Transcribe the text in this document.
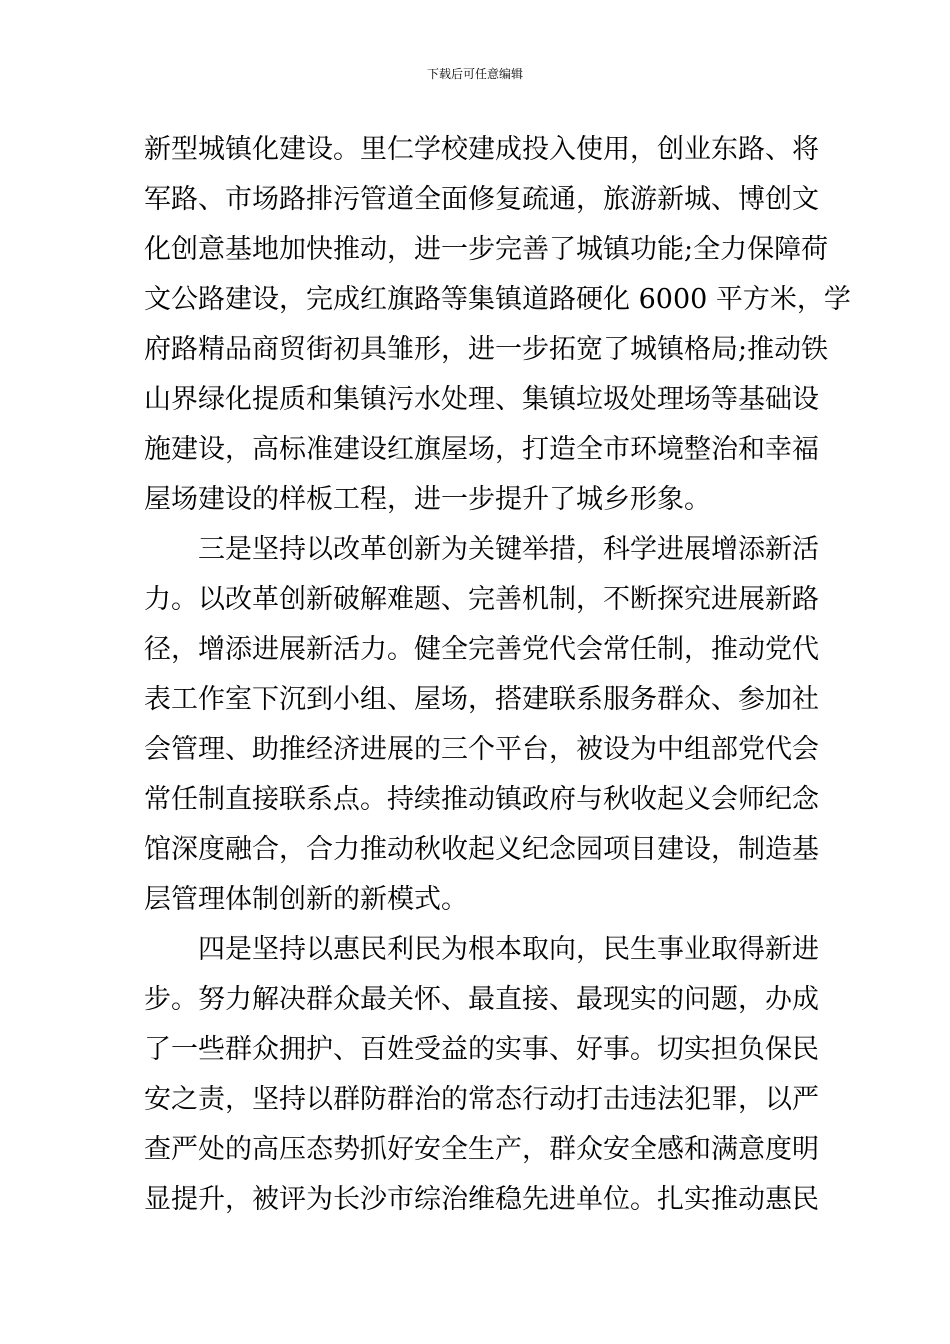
下载后可任意编辑
新型城镇化建设。里仁学校建成投入使用，创业东路、将
军路、市场路排污管道全面修复疏通，旅游新城、博创文
化创意基地加快推动，进一步完善了城镇功能;全力保障荷
文公路建设，完成红旗路等集镇道路硬化 6000 平方米，学
府路精品商贸街初具雏形，进一步拓宽了城镇格局;推动铁
山界绿化提质和集镇污水处理、集镇垃圾处理场等基础设
施建设，高标准建设红旗屋场，打造全市环境整治和幸福
屋场建设的样板工程，进一步提升了城乡形象。
三是坚持以改革创新为关键举措，科学进展增添新活
力。以改革创新破解难题、完善机制，不断探究进展新路
径，增添进展新活力。健全完善党代会常任制，推动党代
表工作室下沉到小组、屋场，搭建联系服务群众、参加社
会管理、助推经济进展的三个平台，被设为中组部党代会
常任制直接联系点。持续推动镇政府与秋收起义会师纪念
馆深度融合，合力推动秋收起义纪念园项目建设，制造基
层管理体制创新的新模式。
四是坚持以惠民利民为根本取向，民生事业取得新进
步。努力解决群众最关怀、最直接、最现实的问题，办成
了一些群众拥护、百姓受益的实事、好事。切实担负保民
安之责，坚持以群防群治的常态行动打击违法犯罪，以严
查严处的高压态势抓好安全生产，群众安全感和满意度明
显提升，被评为长沙市综治维稳先进单位。扎实推动惠民
